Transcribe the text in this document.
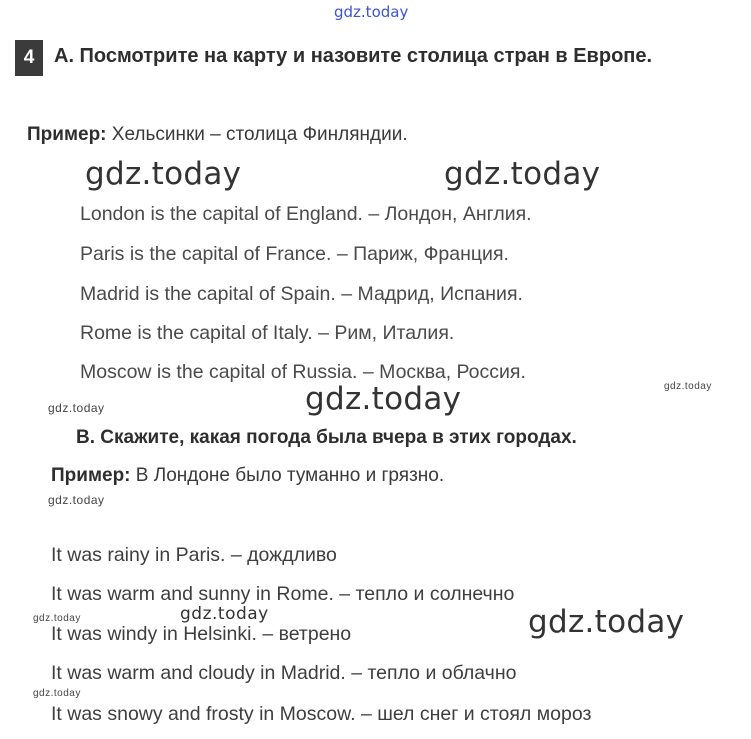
gdz.today
4 A. Посмотрите на карту и назовите столица стран в Европе.
Пример: Хельсинки – столица Финляндии.
gdz.today	gdz.today
London is the capital of England. – Лондон, Англия.
Paris is the capital of France. – Париж, Франция.
Madrid is the capital of Spain. – Мадрид, Испания.
Rome is the capital of Italy. – Рим, Италия.
Moscow is the capital of Russia. – Москва, Россия.
gdz.today
gdz.today
gdz.today
B. Скажите, какая погода была вчера в этих городах.
Пример: В Лондоне было туманно и грязно.
gdz.today
It was rainy in Paris. – дождливо
It was warm and sunny in Rome. – тепло и солнечно
gdz.today	gdz.today	gdz.today
It was windy in Helsinki. – ветрено
It was warm and cloudy in Madrid. – тепло и облачно
gdz.today
It was snowy and frosty in Moscow. – шел снег и стоял мороз
